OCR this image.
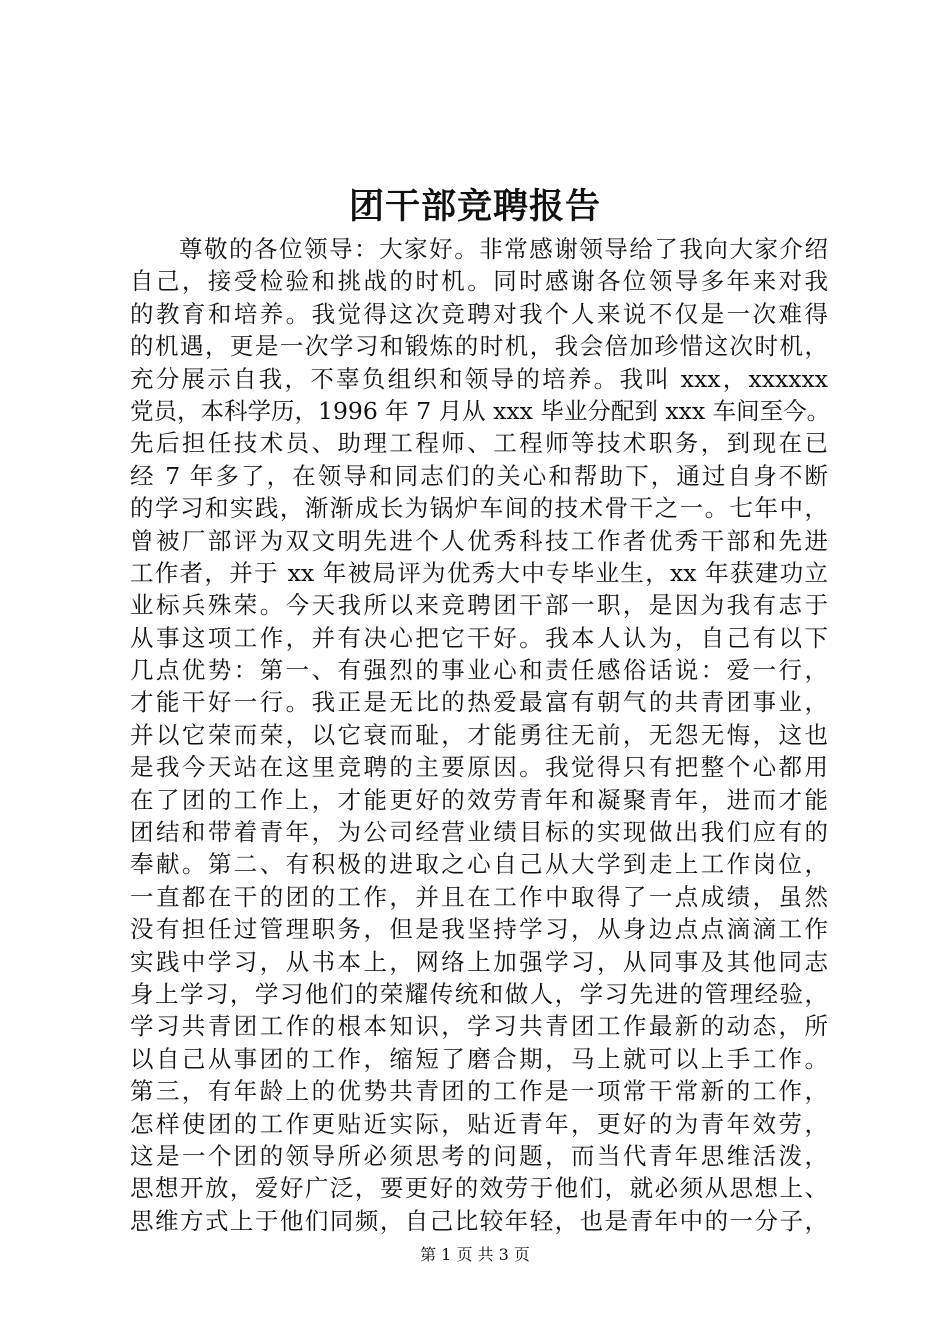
团干部竞聘报告
尊敬的各位领导：大家好。非常感谢领导给了我向大家介绍
自己，接受检验和挑战的时机。同时感谢各位领导多年来对我
的教育和培养。我觉得这次竞聘对我个人来说不仅是一次难得
的机遇，更是一次学习和锻炼的时机，我会倍加珍惜这次时机，
充分展示自我，不辜负组织和领导的培养。我叫 xxx，xxxxxx
党员，本科学历，1996 年 7 月从 xxx 毕业分配到 xxx 车间至今。
先后担任技术员、助理工程师、工程师等技术职务，到现在已
经 7 年多了，在领导和同志们的关心和帮助下，通过自身不断
的学习和实践，渐渐成长为锅炉车间的技术骨干之一。七年中，
曾被厂部评为双文明先进个人优秀科技工作者优秀干部和先进
工作者，并于 xx 年被局评为优秀大中专毕业生，xx 年获建功立
业标兵殊荣。今天我所以来竞聘团干部一职，是因为我有志于
从事这项工作，并有决心把它干好。我本人认为，自己有以下
几点优势：第一、有强烈的事业心和责任感俗话说：爱一行，
才能干好一行。我正是无比的热爱最富有朝气的共青团事业，
并以它荣而荣，以它衰而耻，才能勇往无前，无怨无悔，这也
是我今天站在这里竞聘的主要原因。我觉得只有把整个心都用
在了团的工作上，才能更好的效劳青年和凝聚青年，进而才能
团结和带着青年，为公司经营业绩目标的实现做出我们应有的
奉献。第二、有积极的进取之心自己从大学到走上工作岗位，
一直都在干的团的工作，并且在工作中取得了一点成绩，虽然
没有担任过管理职务，但是我坚持学习，从身边点点滴滴工作
实践中学习，从书本上，网络上加强学习，从同事及其他同志
身上学习，学习他们的荣耀传统和做人，学习先进的管理经验，
学习共青团工作的根本知识，学习共青团工作最新的动态，所
以自己从事团的工作，缩短了磨合期，马上就可以上手工作。
第三，有年龄上的优势共青团的工作是一项常干常新的工作，
怎样使团的工作更贴近实际，贴近青年，更好的为青年效劳，
这是一个团的领导所必须思考的问题，而当代青年思维活泼，
思想开放，爱好广泛，要更好的效劳于他们，就必须从思想上、
思维方式上于他们同频，自己比较年轻，也是青年中的一分子，
第 1 页 共 3 页
